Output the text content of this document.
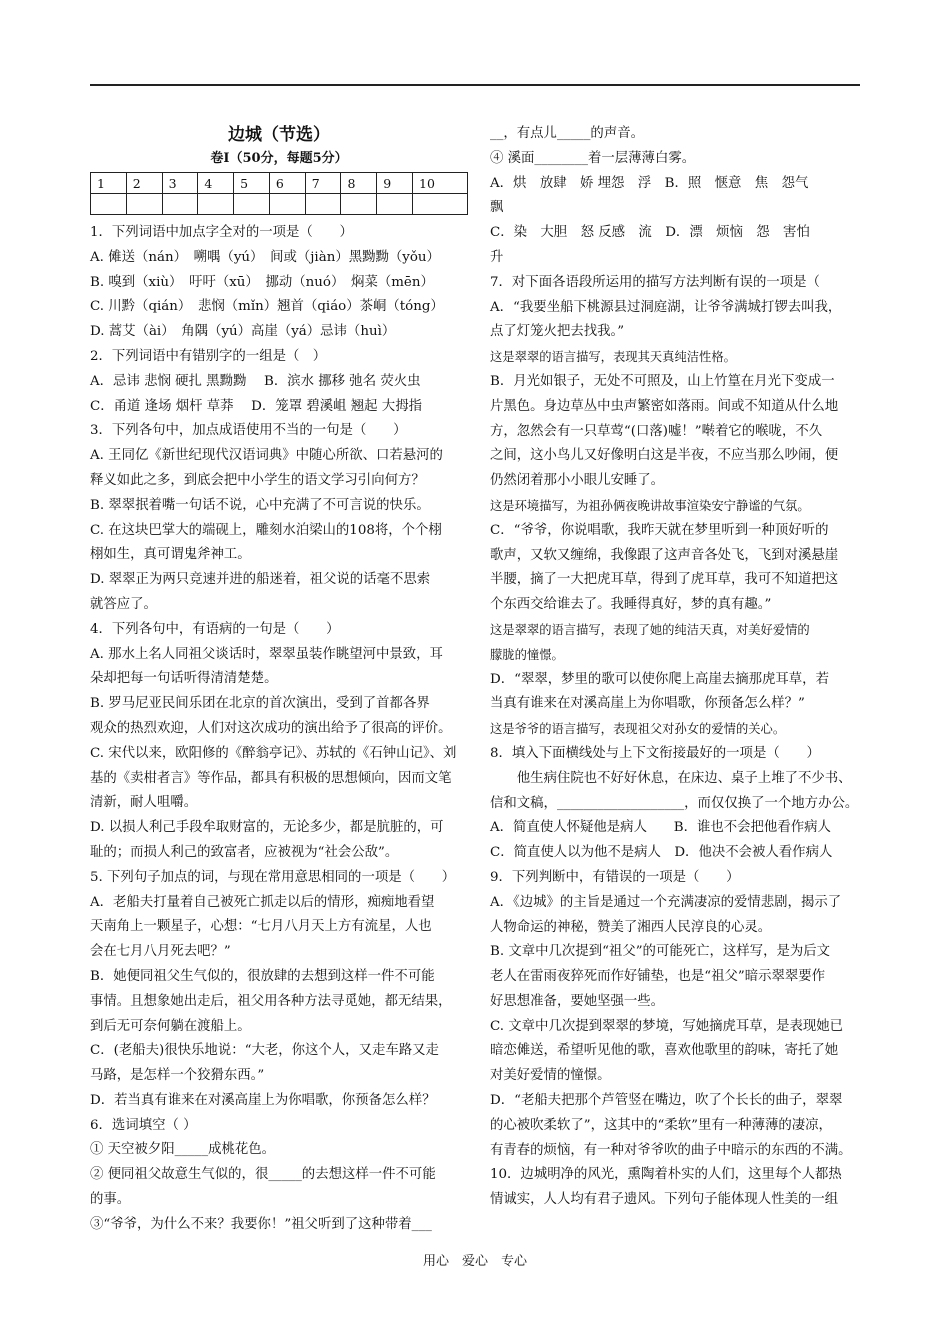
边城（节选）

卷Ⅰ（50分，每题5分）

1	2	3	4	5	6	7	8	9	10

1．下列词语中加点字全对的一项是（　　）

A. 傩送（nán）　嗍喁（yú）　间或（jiàn）黑黝黝（yǒu）

B. 嗅到（xiù）　吁吁（xū）　挪动（nuó）　焖菜（mēn）

C. 川黔（qián）　悲悯（mǐn）翘首（qiáo）茶峒（tóng）

D. 蒿艾（ài）　角隅（yú）高崖（yá）忌讳（huì）

2．下列词语中有错别字的一组是（　）

A．忌讳 悲悯 硬扎 黑黝黝　 B．滨水 挪移 弛名 荧火虫

C．甬道 逢场 烟杆 草莽　 D．笼罩 碧溪岨 翘起 大拇指

3．下列各句中，加点成语使用不当的一句是（　　）

A. 王同亿《新世纪现代汉语词典》中随心所欲、口若悬河的

释义如此之多，到底会把中小学生的语文学习引向何方？

B. 翠翠抿着嘴一句话不说，心中充满了不可言说的快乐。

C. 在这块巴掌大的端砚上，雕刻水泊梁山的108将，个个栩

栩如生，真可谓鬼斧神工。

D. 翠翠正为两只竞速并进的船迷着，祖父说的话毫不思索

就答应了。

4．下列各句中，有语病的一句是（　　）

A. 那水上名人同祖父谈话时，翠翠虽装作眺望河中景致，耳

朵却把每一句话听得清清楚楚。

B. 罗马尼亚民间乐团在北京的首次演出，受到了首都各界

观众的热烈欢迎，人们对这次成功的演出给予了很高的评价。

C. 宋代以来，欧阳修的《醉翁亭记》、苏轼的《石钟山记》、刘

基的《卖柑者言》等作品，都具有积极的思想倾向，因而文笔

清新，耐人咀嚼。

D. 以损人利己手段牟取财富的，无论多少，都是肮脏的，可

耻的；而损人利己的致富者，应被视为“社会公敌”。

5. 下列句子加点的词，与现在常用意思相同的一项是（　　）

A．老船夫打量着自己被死亡抓走以后的情形，痴痴地看望

天南角上一颗星子，心想：“七月八月天上方有流星，人也

会在七月八月死去吧？”

B．她便同祖父生气似的，很放肆的去想到这样一件不可能

事情。且想象她出走后，祖父用各种方法寻觅她，都无结果，

到后无可奈何躺在渡船上。

C．(老船夫)很快乐地说：“大老，你这个人，又走车路又走

马路，是怎样一个狡猾东西。”

D．若当真有谁来在对溪高崖上为你唱歌，你预备怎么样？

6．选词填空（ ）

① 天空被夕阳_____成桃花色。

② 便同祖父故意生气似的，很_____的去想这样一件不可能

的事。

③“爷爷，为什么不来？我要你！”祖父听到了这种带着___

__，有点儿_____的声音。

④ 溪面________着一层薄薄白雾。

A．烘　放肆　娇 埋怨　浮　B．照　惬意　焦　怨气

飘

C．染　大胆　怒 反感　流　D．漂　烦恼　怨　害怕

升

7．对下面各语段所运用的描写方法判断有误的一项是（

A．“我要坐船下桃源县过洞庭湖，让爷爷满城打锣去叫我，

点了灯笼火把去找我。”

这是翠翠的语言描写，表现其天真纯洁性格。

B．月光如银子，无处不可照及，山上竹篁在月光下变成一

片黑色。身边草丛中虫声繁密如落雨。间或不知道从什么地

方，忽然会有一只草莺“(口落)嘘！”啭着它的喉咙，不久

之间，这小鸟儿又好像明白这是半夜，不应当那么吵闹，便

仍然闭着那小小眼儿安睡了。

这是环境描写，为祖孙俩夜晚讲故事渲染安宁静谧的气氛。

C．“爷爷，你说唱歌，我昨天就在梦里听到一种顶好听的

歌声，又软又缠绵，我像跟了这声音各处飞，飞到对溪悬崖

半腰，摘了一大把虎耳草，得到了虎耳草，我可不知道把这

个东西交给谁去了。我睡得真好，梦的真有趣。”

这是翠翠的语言描写，表现了她的纯洁天真，对美好爱情的

朦胧的憧憬。

D．“翠翠，梦里的歌可以使你爬上高崖去摘那虎耳草，若

当真有谁来在对溪高崖上为你唱歌，你预备怎么样？”

这是爷爷的语言描写，表现祖父对孙女的爱情的关心。

8．填入下面横线处与上下文衔接最好的一项是（　　）

他生病住院也不好好休息，在床边、桌子上堆了不少书、

信和文稿，___________________，而仅仅换了一个地方办公。

A．简直使人怀疑他是病人　　B．谁也不会把他看作病人

C．简直使人以为他不是病人　D．他决不会被人看作病人

9．下列判断中，有错误的一项是（　　）

A．《边城》的主旨是通过一个充满凄凉的爱情悲剧，揭示了

人物命运的神秘，赞美了湘西人民淳良的心灵。

B. 文章中几次提到“祖父”的可能死亡，这样写，是为后文

老人在雷雨夜猝死而作好铺垫，也是“祖父”暗示翠翠要作

好思想准备，要她坚强一些。

C. 文章中几次提到翠翠的梦境，写她摘虎耳草，是表现她已

暗恋傩送，希望听见他的歌，喜欢他歌里的韵味，寄托了她

对美好爱情的憧憬。

D．“老船夫把那个芦管竖在嘴边，吹了个长长的曲子，翠翠

的心被吹柔软了”，这其中的“柔软”里有一种薄薄的凄凉，

有青春的烦恼，有一种对爷爷吹的曲子中暗示的东西的不满。

10．边城明净的风光，熏陶着朴实的人们，这里每个人都热

情诚实，人人均有君子遗风。下列句子能体现人性美的一组

用心　爱心　专心
